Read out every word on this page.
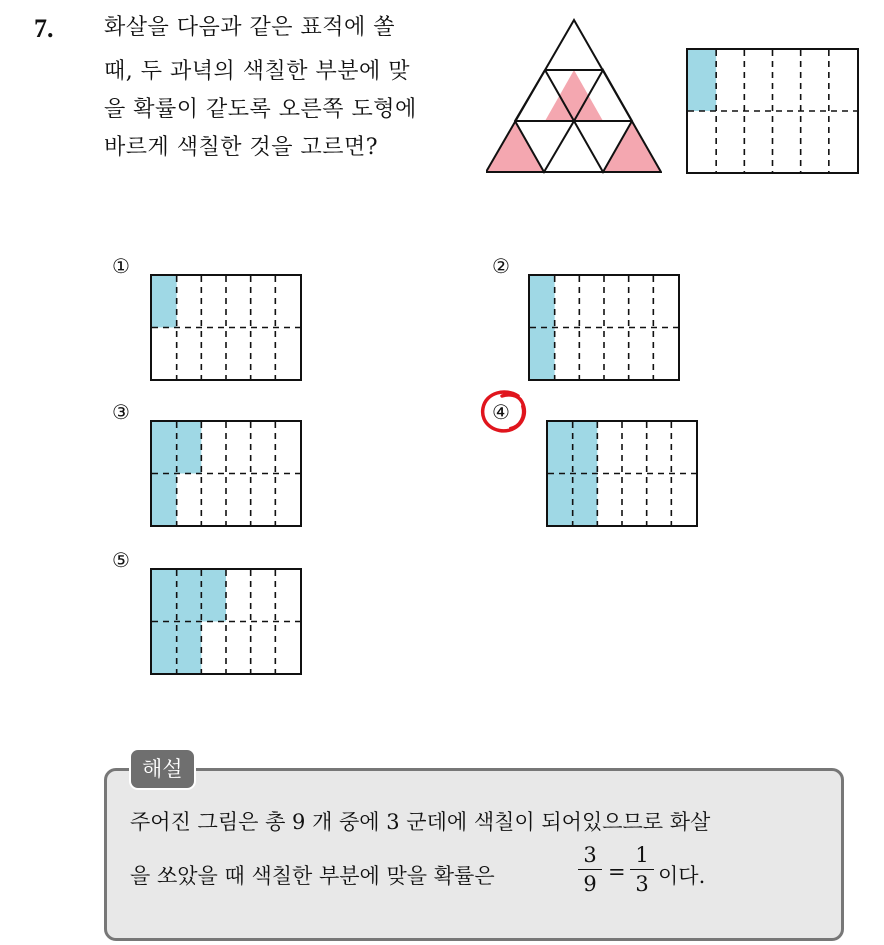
7. 화살을 다음과 같은 표적에 쏠
때, 두 과녁의 색칠한 부분에 맞
을 확률이 같도록 오른쪽 도형에
바르게 색칠한 것을 고르면?
①	②
③	④
⑤
해설
주어진 그림은 총 9 개 중에 3 군데에 색칠이 되어있으므로 화살
을 쏘았을 때 색칠한 부분에 맞을 확률은
3
9 =
1
3 이다.
